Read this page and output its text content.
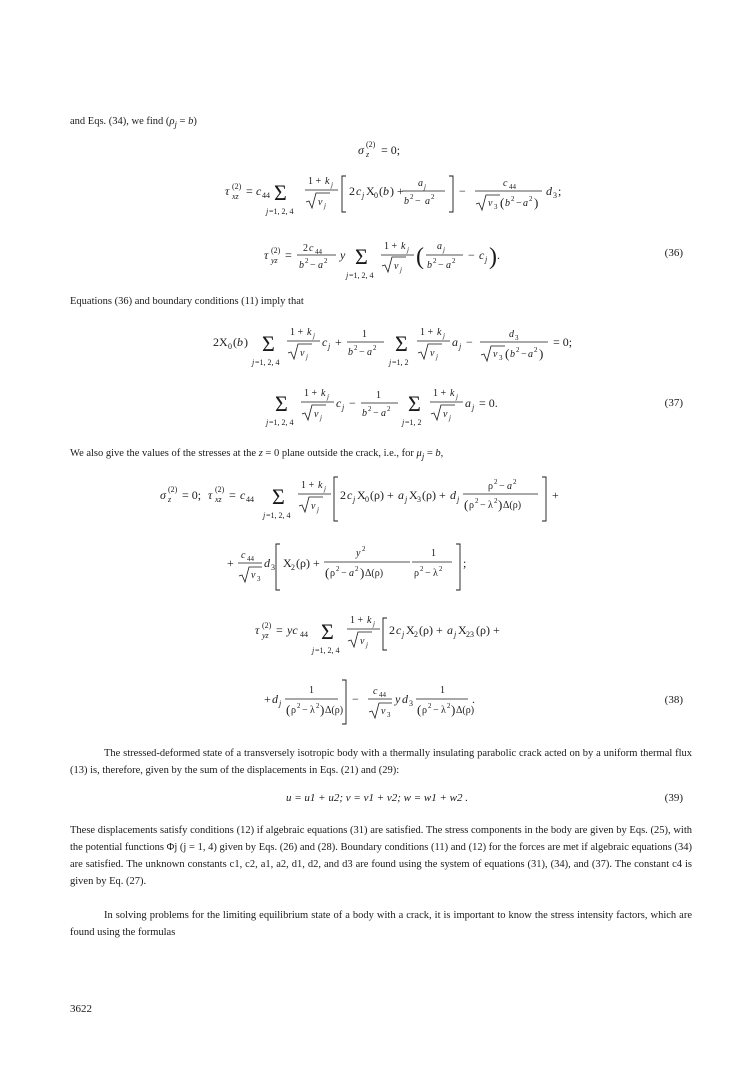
and Eqs. (34), we find $(\rho_j = b)$
σ z
(2) = 0;
τ xz
(2) = c 44 Σ
j =1, 2, 4
1 + k j
ν j
2 c j X 0 ( b ) +
a j
b 2 − a 2 −
c 44
ν 3 ( b 2 − a 2 )
d 3 ;
τ yz
(2) = 2 c 44
b 2 − a 2 y Σ
j =1, 2, 4
1 + k j
ν j ( a j
b 2 − a 2 − c j ) .	(36)
Equations (36) and boundary conditions (11) imply that
2X 0 ( b ) Σ
j =1, 2, 4
1 + k j
ν j
c j +
1
b 2 − a 2 Σ
j =1, 2
1 + k j
ν j
a j −
d 3
ν 3 ( b 2 − a 2 )
= 0;
Σ
j =1, 2, 4
1 + k j
ν j
c j −
1
b 2 − a 2 Σ
j =1, 2
1 + k j
ν j
a j = 0.	(37)
We also give the values of the stresses at the z = 0 plane outside the crack, i.e., for $\mu_j = b$,
σ z
(2) = 0; τ xz
(2) = c 44 Σ
j =1, 2, 4
1 + k j
ν j
2 c j X 0 (ρ) + a j X 3 (ρ) + d j
ρ 2 − a 2
( ρ 2 − λ 2 ) Δ(ρ)
+
+
c 44
ν 3
d 3 X 2 (ρ) +
y 2
( ρ 2 − a 2 ) Δ(ρ)
1
ρ 2 − λ 2 ;
τ yz
(2) = yc 44 Σ
j =1, 2, 4
1 + k j
ν j
2 c j X 2 (ρ) + a j X 23 (ρ) +
+ d j
1
( ρ 2 − λ 2 ) Δ(ρ)
−
c 44
ν 3
y d 3
1
( ρ 2 − λ 2 ) Δ(ρ)
.	(38)
The stressed-deformed state of a transversely isotropic body with a thermally insulating parabolic crack acted on by a uniform thermal flux (13) is, therefore, given by the sum of the displacements in Eqs. (21) and (29):
u = u1 + u2; v = v1 + v2; w = w1 + w2 .	(39)
These displacements satisfy conditions (12) if algebraic equations (31) are satisfied. The stress components in the body are given by Eqs. (25), with the potential functions Φj (j = 1, 4) given by Eqs. (26) and (28). Boundary conditions (11) and (12) for the forces are met if algebraic equations (34) are satisfied. The unknown constants c1, c2, a1, a2, d1, d2, and d3 are found using the system of equations (31), (34), and (37). The constant c4 is given by Eq. (27).
In solving problems for the limiting equilibrium state of a body with a crack, it is important to know the stress intensity factors, which are found using the formulas
3622
